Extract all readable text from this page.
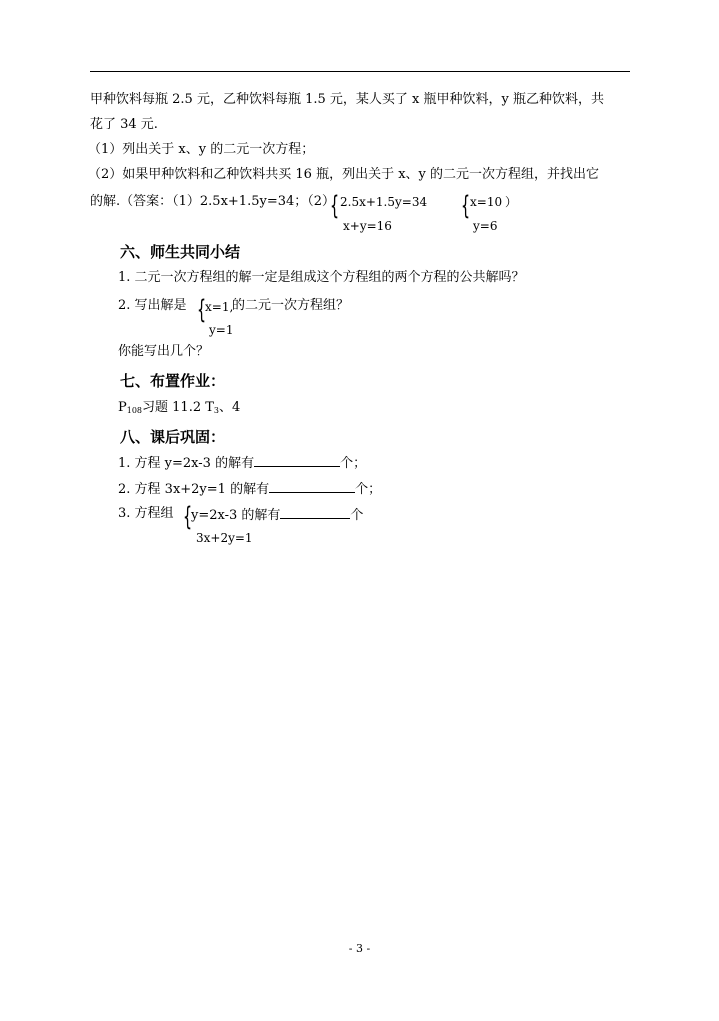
甲种饮料每瓶 2.5 元，乙种饮料每瓶 1.5 元，某人买了 x 瓶甲种饮料，y 瓶乙种饮料，共
花了 34 元.
（1）列出关于 x、y 的二元一次方程；
（2）如果甲种饮料和乙种饮料共买 16 瓶，列出关于 x、y 的二元一次方程组，并找出它
的解.（答案：（1）2.5x+1.5y=34；（2）
{ 2.5x+1.5y=34
x+y=16
{ x=10 ）
y=6
六、师生共同小结
1. 二元一次方程组的解一定是组成这个方程组的两个方程的公共解吗？
2. 写出解是 {
x=1,
的二元一次方程组？
y=1
你能写出几个？
七、布置作业：
$P_{108}$习题 11.2 $T_3$、4
八、课后巩固：
1. 方程 y=2x-3 的解有	个；
2. 方程 3x+2y=1 的解有	个；
3. 方程组 {
y=2x-3 的解有	个
3x+2y=1
- 3 -
